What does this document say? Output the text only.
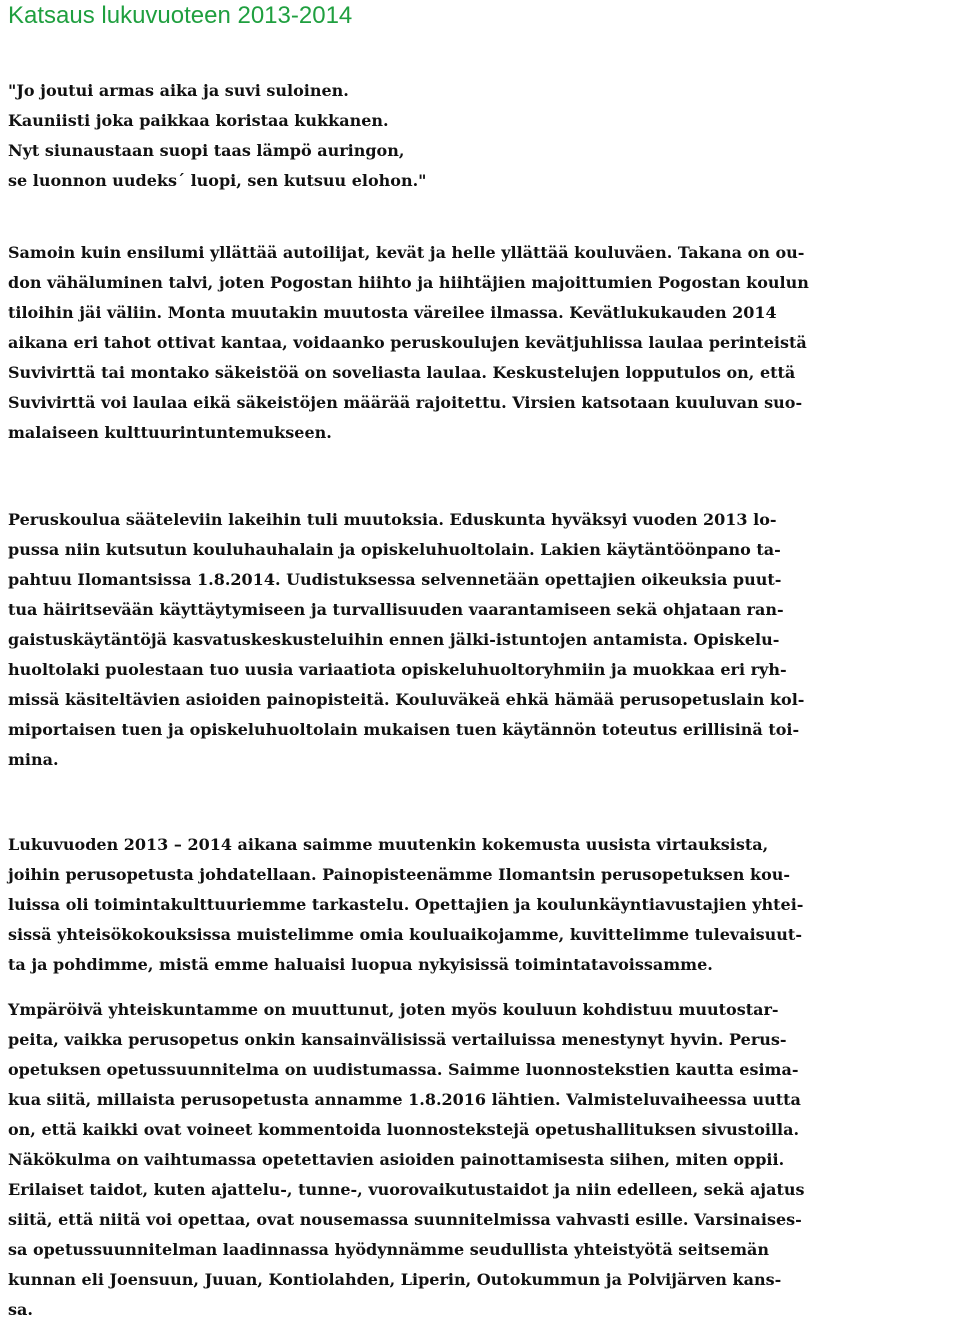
Katsaus lukuvuoteen 2013-2014
"Jo joutui armas aika ja suvi suloinen.
Kauniisti joka paikkaa koristaa kukkanen.
Nyt siunaustaan suopi taas lämpö auringon,
se luonnon uudeks´ luopi, sen kutsuu elohon."
Samoin kuin ensilumi yllättää autoilijat, kevät ja helle yllättää kouluväen. Takana on ou-
don vähäluminen talvi, joten Pogostan hiihto ja hiihtäjien majoittumien Pogostan koulun
tiloihin jäi väliin. Monta muutakin muutosta väreilee ilmassa. Kevätlukukauden 2014
aikana eri tahot ottivat kantaa, voidaanko peruskoulujen kevätjuhlissa laulaa perinteistä
Suvivirttä tai montako säkeistöä on soveliasta laulaa. Keskustelujen lopputulos on, että
Suvivirttä voi laulaa eikä säkeistöjen määrää rajoitettu. Virsien katsotaan kuuluvan suo-
malaiseen kulttuurintuntemukseen.
Peruskoulua sääteleviin lakeihin tuli muutoksia. Eduskunta hyväksyi vuoden 2013 lo-
pussa niin kutsutun kouluhauhalain ja opiskeluhuoltolain. Lakien käytäntöönpano ta-
pahtuu Ilomantsissa 1.8.2014. Uudistuksessa selvennetään opettajien oikeuksia puut-
tua häiritsevään käyttäytymiseen ja turvallisuuden vaarantamiseen sekä ohjataan ran-
gaistuskäytäntöjä kasvatuskeskusteluihin ennen jälki-istuntojen antamista. Opiskelu-
huoltolaki puolestaan tuo uusia variaatiota opiskeluhuoltoryhmiin ja muokkaa eri ryh-
missä käsiteltävien asioiden painopisteitä. Kouluväkeä ehkä hämää perusopetuslain kol-
miportaisen tuen ja opiskeluhuoltolain mukaisen tuen käytännön toteutus erillisinä toi-
mina.
Lukuvuoden 2013 – 2014 aikana saimme muutenkin kokemusta uusista virtauksista,
joihin perusopetusta johdatellaan. Painopisteenämme Ilomantsin perusopetuksen kou-
luissa oli toimintakulttuuriemme tarkastelu. Opettajien ja koulunkäyntiavustajien yhtei-
sissä yhteisökokouksissa muistelimme omia kouluaikojamme, kuvittelimme tulevaisuut-
ta ja pohdimme, mistä emme haluaisi luopua nykyisissä toimintatavoissamme.
Ympäröivä yhteiskuntamme on muuttunut, joten myös kouluun kohdistuu muutostar-
peita, vaikka perusopetus onkin kansainvälisissä vertailuissa menestynyt hyvin. Perus-
opetuksen opetussuunnitelma on uudistumassa. Saimme luonnostekstien kautta esima-
kua siitä, millaista perusopetusta annamme 1.8.2016 lähtien. Valmisteluvaiheessa uutta
on, että kaikki ovat voineet kommentoida luonnostekstejä opetushallituksen sivustoilla.
Näkökulma on vaihtumassa opetettavien asioiden painottamisesta siihen, miten oppii.
Erilaiset taidot, kuten ajattelu-, tunne-, vuorovaikutustaidot ja niin edelleen, sekä ajatus
siitä, että niitä voi opettaa, ovat nousemassa suunnitelmissa vahvasti esille. Varsinaises-
sa opetussuunnitelman laadinnassa hyödynnämme seudullista yhteistyötä seitsemän
kunnan eli Joensuun, Juuan, Kontiolahden, Liperin, Outokummun ja Polvijärven kans-
sa.
